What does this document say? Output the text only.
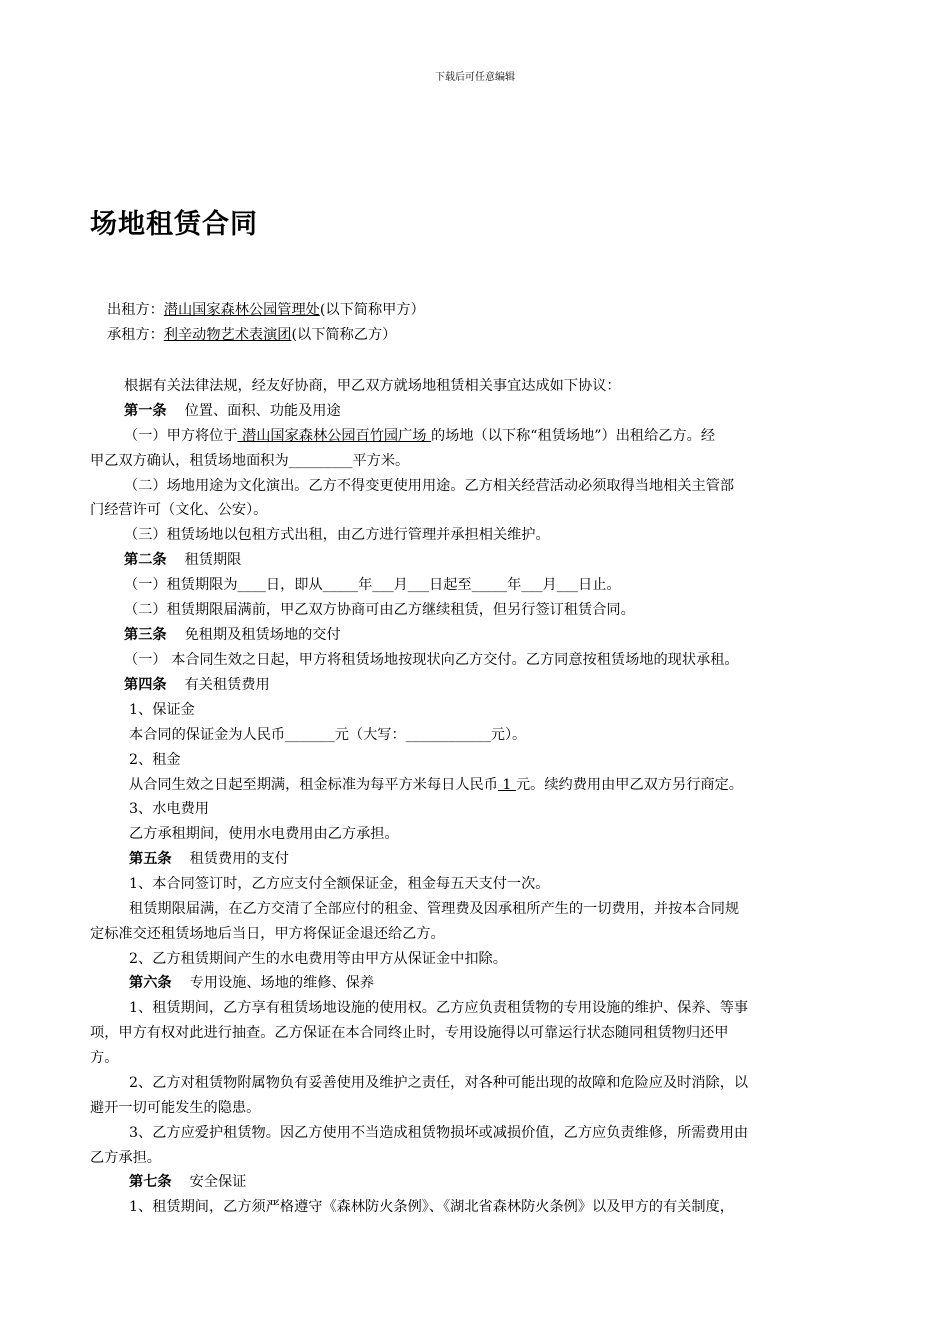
下载后可任意编辑
场地租赁合同
出租方：潜山国家森林公园管理处(以下简称甲方）
承租方：利辛动物艺术表演团(以下简称乙方）
根据有关法律法规，经友好协商，甲乙双方就场地租赁相关事宜达成如下协议：
第一条 位置、面积、功能及用途
（一）甲方将位于 潜山国家森林公园百竹园广场 的场地（以下称“租赁场地”）出租给乙方。经
甲乙双方确认，租赁场地面积为_________平方米。
（二）场地用途为文化演出。乙方不得变更使用用途。乙方相关经营活动必须取得当地相关主管部
门经营许可（文化、公安）。
（三）租赁场地以包租方式出租，由乙方进行管理并承担相关维护。
第二条 租赁期限
（一）租赁期限为____日，即从_____年___月___日起至_____年___月___日止。
（二）租赁期限届满前，甲乙双方协商可由乙方继续租赁，但另行签订租赁合同。
第三条 免租期及租赁场地的交付
（一） 本合同生效之日起，甲方将租赁场地按现状向乙方交付。乙方同意按租赁场地的现状承租。
第四条 有关租赁费用
1、保证金
本合同的保证金为人民币_______元（大写：____________元）。
2、租金
从合同生效之日起至期满，租金标准为每平方米每日人民币 1 元。续约费用由甲乙双方另行商定。
3、水电费用
乙方承租期间，使用水电费用由乙方承担。
第五条 租赁费用的支付
1、本合同签订时，乙方应支付全额保证金，租金每五天支付一次。
租赁期限届满，在乙方交清了全部应付的租金、管理费及因承租所产生的一切费用，并按本合同规
定标准交还租赁场地后当日，甲方将保证金退还给乙方。
2、乙方租赁期间产生的水电费用等由甲方从保证金中扣除。
第六条 专用设施、场地的维修、保养
1、租赁期间，乙方享有租赁场地设施的使用权。乙方应负责租赁物的专用设施的维护、保养、等事
项，甲方有权对此进行抽查。乙方保证在本合同终止时，专用设施得以可靠运行状态随同租赁物归还甲
方。
2、乙方对租赁物附属物负有妥善使用及维护之责任，对各种可能出现的故障和危险应及时消除，以
避开一切可能发生的隐患。
3、乙方应爱护租赁物。因乙方使用不当造成租赁物损坏或减损价值，乙方应负责维修，所需费用由
乙方承担。
第七条 安全保证
1、租赁期间，乙方须严格遵守《森林防火条例》、《湖北省森林防火条例》以及甲方的有关制度，
